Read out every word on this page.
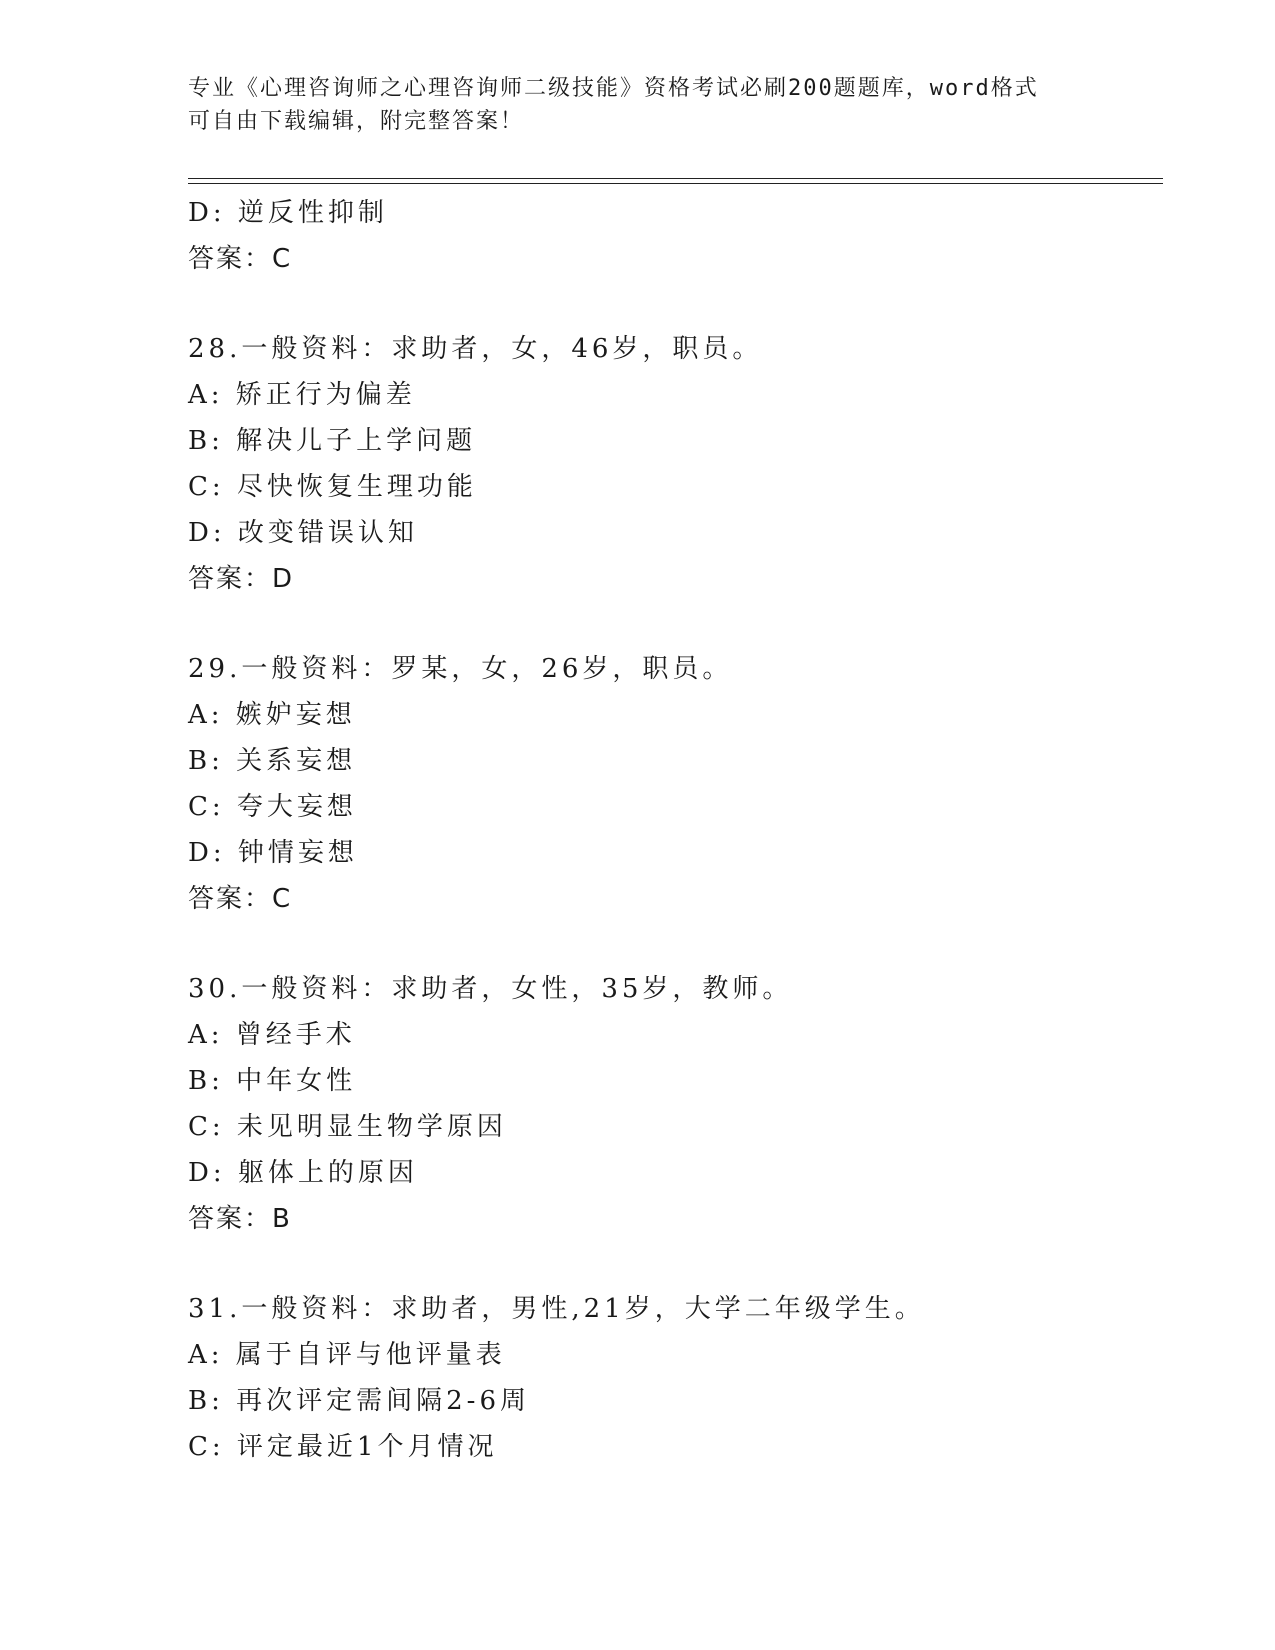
专业《心理咨询师之心理咨询师二级技能》资格考试必刷200题题库，word格式
可自由下载编辑，附完整答案！
D: 逆反性抑制
答案：C
28.一般资料：求助者，女，46岁，职员。
A: 矫正行为偏差
B: 解决儿子上学问题
C: 尽快恢复生理功能
D: 改变错误认知
答案：D
29.一般资料：罗某，女，26岁，职员。
A: 嫉妒妄想
B: 关系妄想
C: 夸大妄想
D: 钟情妄想
答案：C
30.一般资料：求助者，女性，35岁，教师。
A: 曾经手术
B: 中年女性
C: 未见明显生物学原因
D: 躯体上的原因
答案：B
31.一般资料：求助者，男性,21岁，大学二年级学生。
A: 属于自评与他评量表
B: 再次评定需间隔2-6周
C: 评定最近1个月情况
